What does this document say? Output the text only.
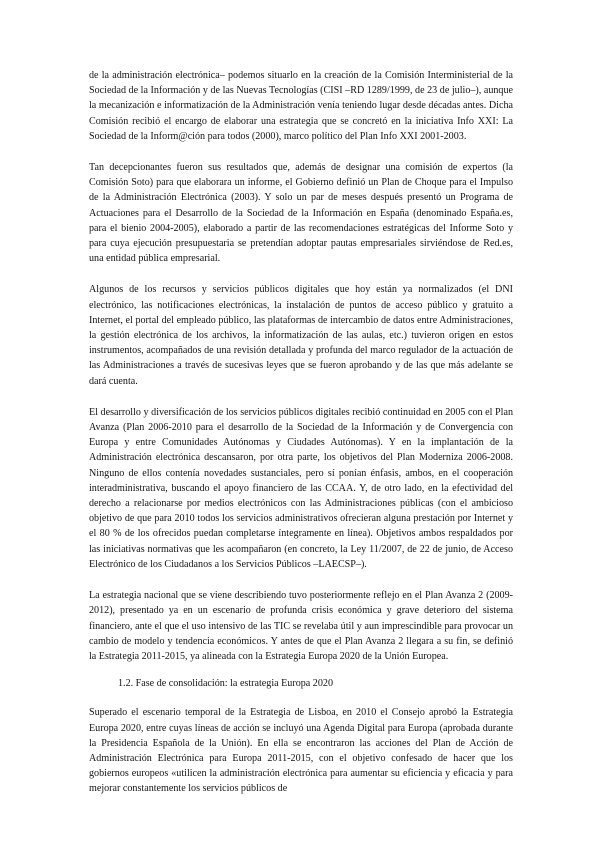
de la administración electrónica– podemos situarlo en la creación de la Comisión Interministerial de la Sociedad de la Información y de las Nuevas Tecnologías (CISI –RD 1289/1999, de 23 de julio–), aunque la mecanización e informatización de la Administración venía teniendo lugar desde décadas antes. Dicha Comisión recibió el encargo de elaborar una estrategia que se concretó en la iniciativa Info XXI: La Sociedad de la Inform@ción para todos (2000), marco político del Plan Info XXI 2001-2003.

Tan decepcionantes fueron sus resultados que, además de designar una comisión de expertos (la Comisión Soto) para que elaborara un informe, el Gobierno definió un Plan de Choque para el Impulso de la Administración Electrónica (2003). Y solo un par de meses después presentó un Programa de Actuaciones para el Desarrollo de la Sociedad de la Información en España (denominado España.es, para el bienio 2004-2005), elaborado a partir de las recomendaciones estratégicas del Informe Soto y para cuya ejecución presupuestaria se pretendían adoptar pautas empresariales sirviéndose de Red.es, una entidad pública empresarial.

Algunos de los recursos y servicios públicos digitales que hoy están ya normalizados (el DNI electrónico, las notificaciones electrónicas, la instalación de puntos de acceso público y gratuito a Internet, el portal del empleado público, las plataformas de intercambio de datos entre Administraciones, la gestión electrónica de los archivos, la informatización de las aulas, etc.) tuvieron origen en estos instrumentos, acompañados de una revisión detallada y profunda del marco regulador de la actuación de las Administraciones a través de sucesivas leyes que se fueron aprobando y de las que más adelante se dará cuenta.

El desarrollo y diversificación de los servicios públicos digitales recibió continuidad en 2005 con el Plan Avanza (Plan 2006-2010 para el desarrollo de la Sociedad de la Información y de Convergencia con Europa y entre Comunidades Autónomas y Ciudades Autónomas). Y en la implantación de la Administración electrónica descansaron, por otra parte, los objetivos del Plan Moderniza 2006-2008. Ninguno de ellos contenía novedades sustanciales, pero sí ponían énfasis, ambos, en el cooperación interadministrativa, buscando el apoyo financiero de las CCAA. Y, de otro lado, en la efectividad del derecho a relacionarse por medios electrónicos con las Administraciones públicas (con el ambicioso objetivo de que para 2010 todos los servicios administrativos ofrecieran alguna prestación por Internet y el 80 % de los ofrecidos puedan completarse íntegramente en línea). Objetivos ambos respaldados por las iniciativas normativas que les acompañaron (en concreto, la Ley 11/2007, de 22 de junio, de Acceso Electrónico de los Ciudadanos a los Servicios Públicos –LAECSP–).

La estrategia nacional que se viene describiendo tuvo posteriormente reflejo en el Plan Avanza 2 (2009-2012), presentado ya en un escenario de profunda crisis económica y grave deterioro del sistema financiero, ante el que el uso intensivo de las TIC se revelaba útil y aun imprescindible para provocar un cambio de modelo y tendencia económicos. Y antes de que el Plan Avanza 2 llegara a su fin, se definió la Estrategia 2011-2015, ya alineada con la Estrategia Europa 2020 de la Unión Europea.

1.2. Fase de consolidación: la estrategia Europa 2020

Superado el escenario temporal de la Estrategia de Lisboa, en 2010 el Consejo aprobó la Estrategia Europa 2020, entre cuyas líneas de acción se incluyó una Agenda Digital para Europa (aprobada durante la Presidencia Española de la Unión). En ella se encontraron las acciones del Plan de Acción de Administración Electrónica para Europa 2011-2015, con el objetivo confesado de hacer que los gobiernos europeos «utilicen la administración electrónica para aumentar su eficiencia y eficacia y para mejorar constantemente los servicios públicos de
